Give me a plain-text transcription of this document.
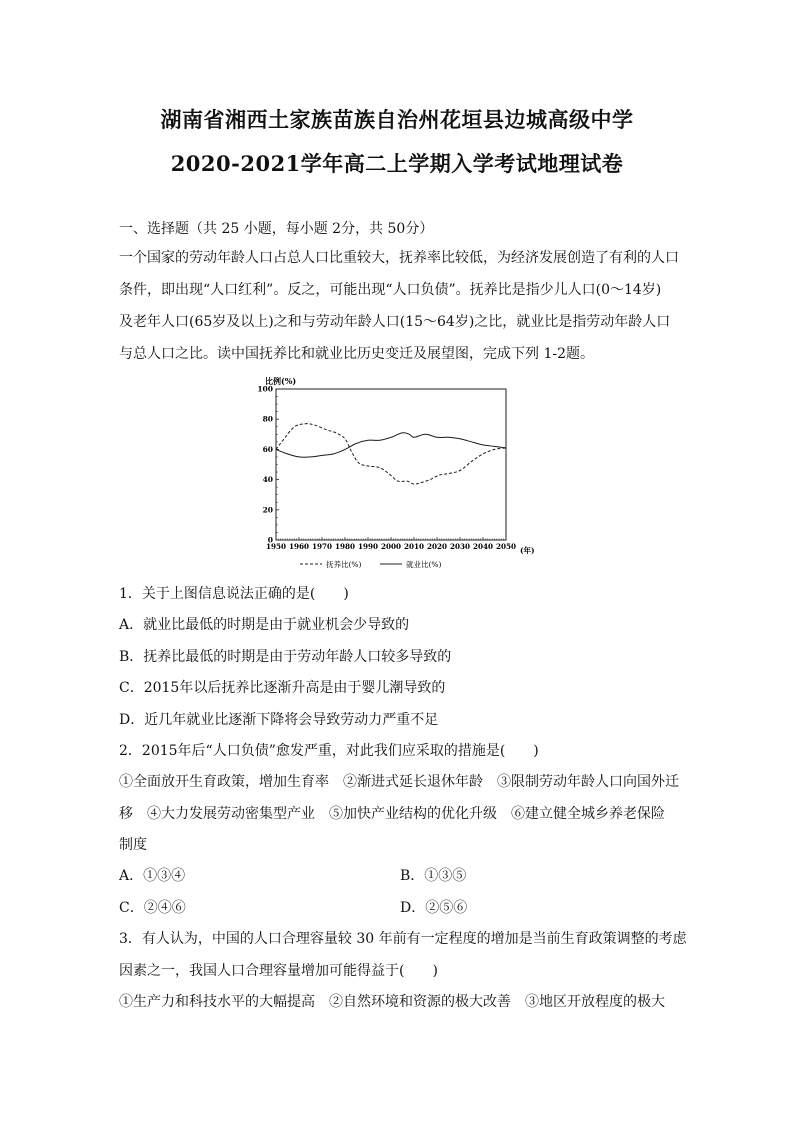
湖南省湘西土家族苗族自治州花垣县边城高级中学
2020-2021学年高二上学期入学考试地理试卷
一、选择题（共 25 小题，每小题 2分，共 50分）
一个国家的劳动年龄人口占总人口比重较大，抚养率比较低，为经济发展创造了有利的人口
条件，即出现“人口红利”。反之，可能出现“人口负债”。抚养比是指少儿人口(0～14岁)
及老年人口(65岁及以上)之和与劳动年龄人口(15～64岁)之比，就业比是指劳动年龄人口
与总人口之比。读中国抚养比和就业比历史变迁及展望图，完成下列 1-2题。
比例(%)
(年)
0
20
40
60
80
100
1950 1960 1970 1980 1990 2000 2010 2020 2030 2040 2050
抚养比(%)	就业比(%)
1．关于上图信息说法正确的是(　　)
A．就业比最低的时期是由于就业机会少导致的
B．抚养比最低的时期是由于劳动年龄人口较多导致的
C．2015年以后抚养比逐渐升高是由于婴儿潮导致的
D．近几年就业比逐渐下降将会导致劳动力严重不足
2．2015年后“人口负债”愈发严重，对此我们应采取的措施是(　　)
①全面放开生育政策，增加生育率　②渐进式延长退休年龄　③限制劳动年龄人口向国外迁
移　④大力发展劳动密集型产业　⑤加快产业结构的优化升级　⑥建立健全城乡养老保险
制度
A．①③④	B．①③⑤
C．②④⑥	D．②⑤⑥
3．有人认为，中国的人口合理容量较 30 年前有一定程度的增加是当前生育政策调整的考虑
因素之一，我国人口合理容量增加可能得益于(　　)
①生产力和科技水平的大幅提高　②自然环境和资源的极大改善　③地区开放程度的极大
